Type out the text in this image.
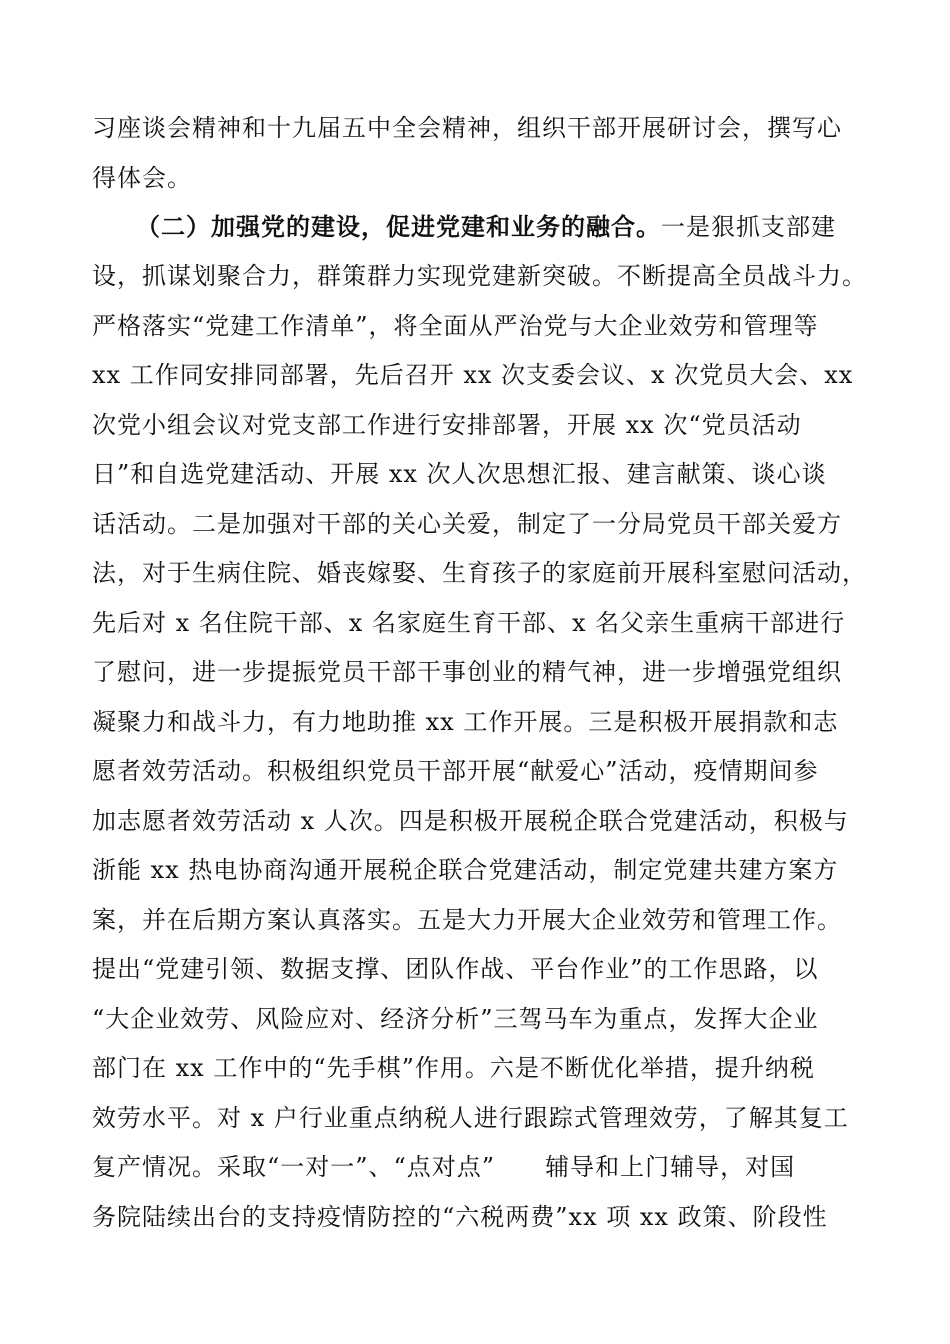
习座谈会精神和十九届五中全会精神，组织干部开展研讨会，撰写心
得体会。
（二）加强党的建设，促进党建和业务的融合。一是狠抓支部建
设，抓谋划聚合力，群策群力实现党建新突破。不断提高全员战斗力。
严格落实“党建工作清单”，将全面从严治党与大企业效劳和管理等
xx 工作同安排同部署，先后召开 xx 次支委会议、x 次党员大会、xx
次党小组会议对党支部工作进行安排部署，开展 xx 次“党员活动
日”和自选党建活动、开展 xx 次人次思想汇报、建言献策、谈心谈
话活动。二是加强对干部的关心关爱，制定了一分局党员干部关爱方
法，对于生病住院、婚丧嫁娶、生育孩子的家庭前开展科室慰问活动，
先后对 x 名住院干部、x 名家庭生育干部、x 名父亲生重病干部进行
了慰问，进一步提振党员干部干事创业的精气神，进一步增强党组织
凝聚力和战斗力，有力地助推 xx 工作开展。三是积极开展捐款和志
愿者效劳活动。积极组织党员干部开展“献爱心”活动，疫情期间参
加志愿者效劳活动 x 人次。四是积极开展税企联合党建活动，积极与
浙能 xx 热电协商沟通开展税企联合党建活动，制定党建共建方案方
案，并在后期方案认真落实。五是大力开展大企业效劳和管理工作。
提出“党建引领、数据支撑、团队作战、平台作业”的工作思路，以
“大企业效劳、风险应对、经济分析”三驾马车为重点，发挥大企业
部门在 xx 工作中的“先手棋”作用。六是不断优化举措，提升纳税
效劳水平。对 x 户行业重点纳税人进行跟踪式管理效劳，了解其复工
复产情况。采取“一对一”、“点对点”　　辅导和上门辅导，对国
务院陆续出台的支持疫情防控的“六税两费”xx 项 xx 政策、阶段性
